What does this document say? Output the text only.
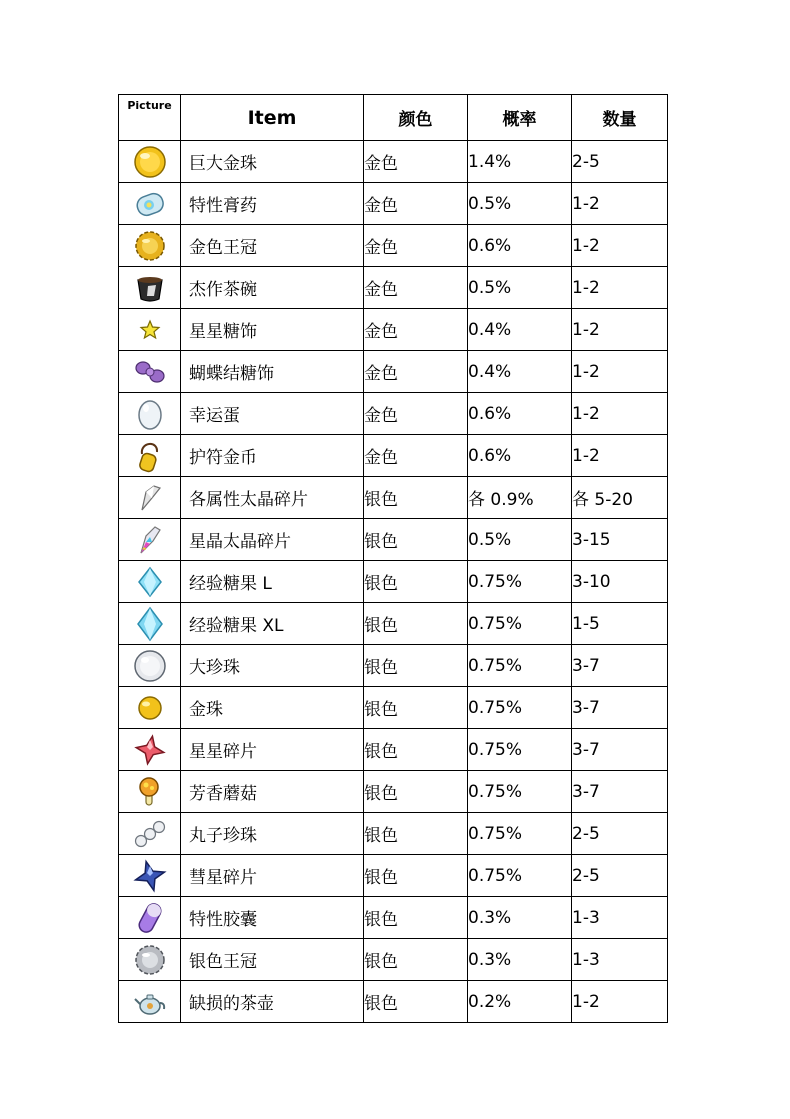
Picture	Item	颜色	概率	数量

	巨大金珠	金色	1.4%	2-5

	特性膏药	金色	0.5%	1-2

	金色王冠	金色	0.6%	1-2

	杰作茶碗	金色	0.5%	1-2

	星星糖饰	金色	0.4%	1-2

	蝴蝶结糖饰	金色	0.4%	1-2

	幸运蛋	金色	0.6%	1-2

	护符金币	金色	0.6%	1-2

	各属性太晶碎片	银色	各 0.9%	各 5-20

	星晶太晶碎片	银色	0.5%	3-15

	经验糖果 L	银色	0.75%	3-10

	经验糖果 XL	银色	0.75%	1-5

	大珍珠	银色	0.75%	3-7

	金珠	银色	0.75%	3-7

	星星碎片	银色	0.75%	3-7

	芳香蘑菇	银色	0.75%	3-7

	丸子珍珠	银色	0.75%	2-5

	彗星碎片	银色	0.75%	2-5

	特性胶囊	银色	0.3%	1-3

	银色王冠	银色	0.3%	1-3

	缺损的茶壶	银色	0.2%	1-2
